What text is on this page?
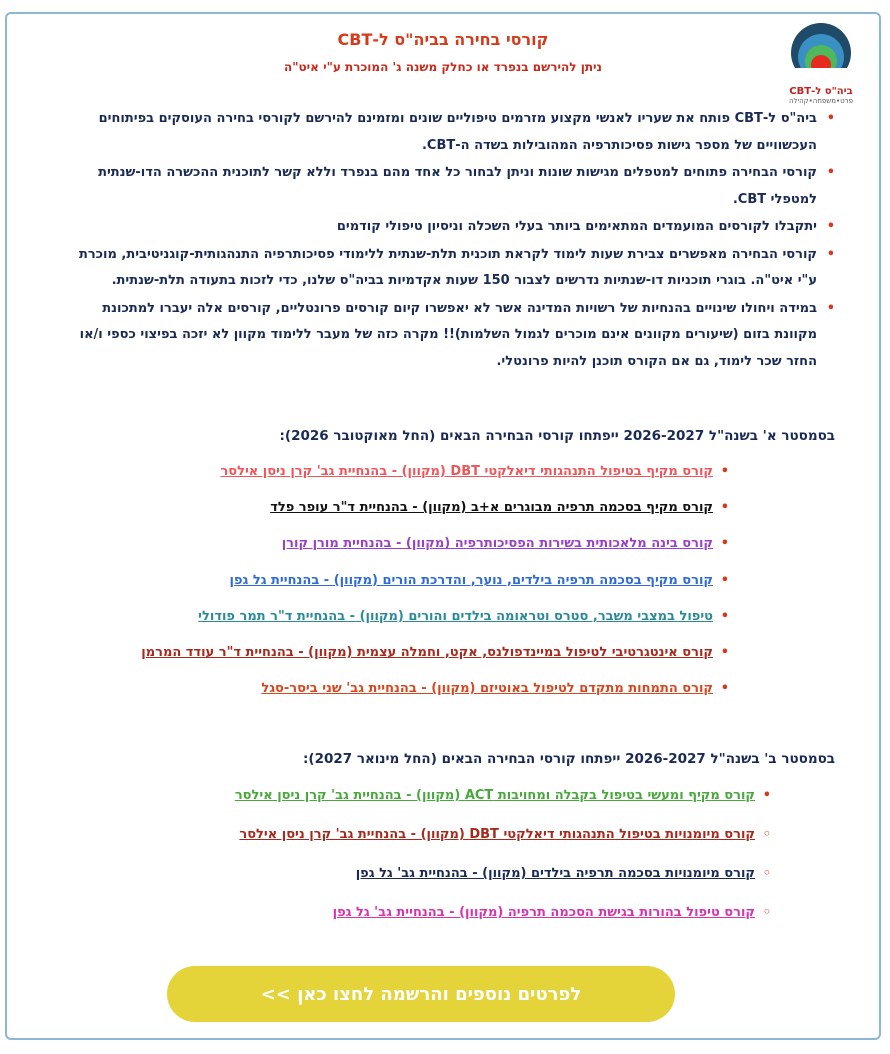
ביה"ס ל-CBT
פרט•משפחה•קהילה
קורסי בחירה בביה"ס ל-CBT
ניתן להירשם בנפרד או כחלק משנה ג' המוכרת ע"י איט"ה
• ביה"ס ל-CBT פותח את שעריו לאנשי מקצוע מזרמים טיפוליים שונים ומזמינם להירשם לקורסי בחירה העוסקים בפיתוחים העכשוויים של מספר גישות פסיכותרפיה המהובילות בשדה ה-CBT.
• קורסי הבחירה פתוחים למטפלים מגישות שונות וניתן לבחור כל אחד מהם בנפרד וללא קשר לתוכנית ההכשרה הדו-שנתית למטפלי CBT.
• יתקבלו לקורסים המועמדים המתאימים ביותר בעלי השכלה וניסיון טיפולי קודמים
• קורסי הבחירה מאפשרים צבירת שעות לימוד לקראת תוכנית תלת-שנתית ללימודי פסיכותרפיה התנהגותית-קוגניטיבית, מוכרת ע"י איט"ה. בוגרי תוכניות דו-שנתיות נדרשים לצבור 150 שעות אקדמיות בביה"ס שלנו, כדי לזכות בתעודה תלת-שנתית.
• במידה ויחולו שינויים בהנחיות של רשויות המדינה אשר לא יאפשרו קיום קורסים פרונטליים, קורסים אלה יעברו למתכונת מקוונת בזום (שיעורים מקוונים אינם מוכרים לגמול השלמות)!! מקרה כזה של מעבר ללימוד מקוון לא יזכה בפיצוי כספי ו/או החזר שכר לימוד, גם אם הקורס תוכנן להיות פרונטלי.
בסמסטר א' בשנה"ל 2026-2027 ייפתחו קורסי הבחירה הבאים (החל מאוקטובר 2026):
• קורס מקיף בטיפול התנהגותי דיאלקטי DBT (מקוון) - בהנחיית גב' קרן ניסן אילסר
• קורס מקיף בסכמה תרפיה מבוגרים א+ב (מקוון) - בהנחיית ד"ר עופר פלד
• קורס בינה מלאכותית בשירות הפסיכותרפיה (מקוון) - בהנחיית מורן קורן
• קורס מקיף בסכמה תרפיה בילדים, נוער, והדרכת הורים (מקוון) - בהנחיית גל גפן
• טיפול במצבי משבר, סטרס וטראומה בילדים והורים (מקוון) - בהנחיית ד"ר תמר פודולי
• קורס אינטגרטיבי לטיפול במיינדפולנס, אקט, וחמלה עצמית (מקוון) - בהנחיית ד"ר עודד המרמן
• קורס התמחות מתקדם לטיפול באוטיזם (מקוון) - בהנחיית גב' שני ביסר-סגל
בסמסטר ב' בשנה"ל 2026-2027 ייפתחו קורסי הבחירה הבאים (החל מינואר 2027):
• קורס מקיף ומעשי בטיפול בקבלה ומחויבות ACT (מקוון) - בהנחיית גב' קרן ניסן אילסר
◦ קורס מיומנויות בטיפול התנהגותי דיאלקטי DBT (מקוון) - בהנחיית גב' קרן ניסן אילסר
◦ קורס מיומנויות בסכמה תרפיה בילדים (מקוון) - בהנחיית גב' גל גפן
◦ קורס טיפול בהורות בגישת הסכמה תרפיה (מקוון) - בהנחיית גב' גל גפן
לפרטים נוספים והרשמה לחצו כאן >>
